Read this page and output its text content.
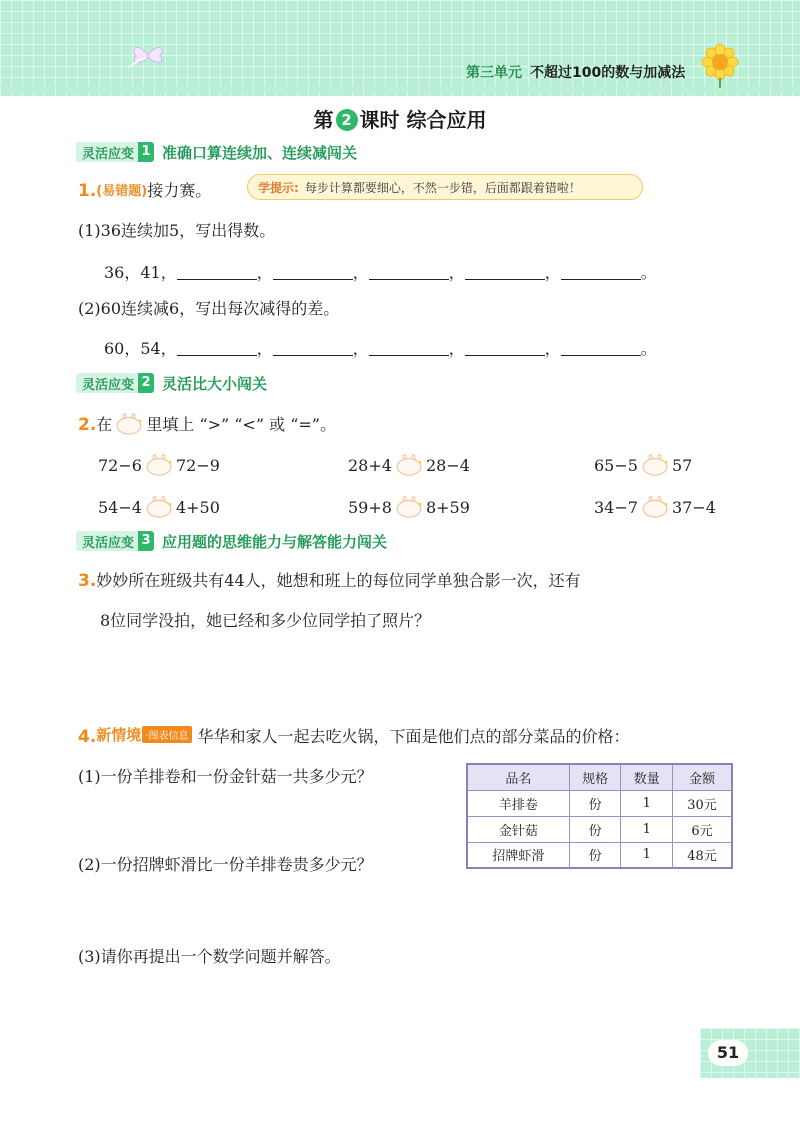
第三单元 不超过100的数与加减法
第 2 课时 综合应用
灵活应变 1 准确口算连续加、连续减闯关
1.(易错题)接力赛。	学提示: 每步计算都要细心，不然一步错，后面都跟着错啦！
(1)36连续加5，写出得数。
36，41，	，	，	，	，	。
(2)60连续减6，写出每次减得的差。
60，54，	，	，	，	，	。
灵活应变 2 灵活比大小闯关
2.在 里填上 “>” “<” 或 “=”。
72−6 72−9	28+4 28−4	65−5 57
54−4 4+50	59+8 8+59	34−7 37−4
灵活应变 3 应用题的思维能力与解答能力闯关
3.妙妙所在班级共有44人，她想和班上的每位同学单独合影一次，还有
8位同学没拍，她已经和多少位同学拍了照片？
4. 新情境 ·图表信息 华华和家人一起去吃火锅，下面是他们点的部分菜品的价格：
(1)一份羊排卷和一份金针菇一共多少元？	品名	规格	数量	金额
羊排卷	份	1	30元
金针菇	份	1	6元
招牌虾滑	份	1	48元
(2)一份招牌虾滑比一份羊排卷贵多少元？
(3)请你再提出一个数学问题并解答。
51
